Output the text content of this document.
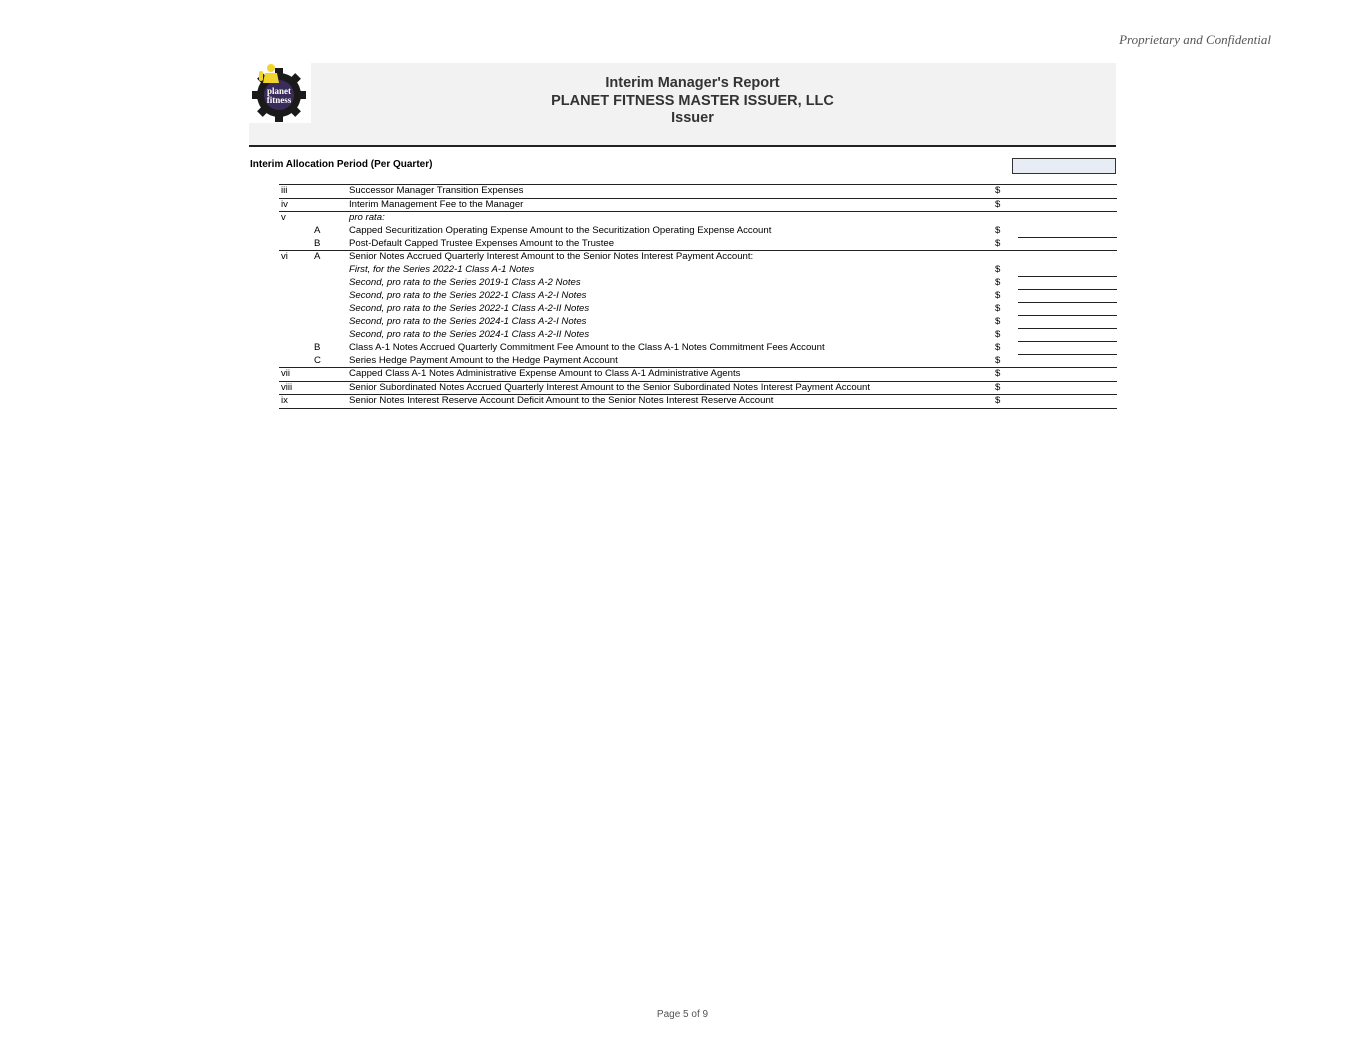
Proprietary and Confidential
planet
fitness
Interim Manager's Report
PLANET FITNESS MASTER ISSUER, LLC
Issuer
Interim Allocation Period (Per Quarter)
iii		Successor Manager Transition Expenses	$	
iv		Interim Management Fee to the Manager	$	
v		pro rata:		
	A	Capped Securitization Operating Expense Amount to the Securitization Operating Expense Account	$	

	B	Post-Default Capped Trustee Expenses Amount to the Trustee	$	
vi	A	Senior Notes Accrued Quarterly Interest Amount to the Senior Notes Interest Payment Account:		
		First, for the Series 2022-1 Class A-1 Notes	$	

		Second, pro rata to the Series 2019-1 Class A-2 Notes	$	

		Second, pro rata to the Series 2022-1 Class A-2-I Notes	$	

		Second, pro rata to the Series 2022-1 Class A-2-II Notes	$	

		Second, pro rata to the Series 2024-1 Class A-2-I Notes	$	

		Second, pro rata to the Series 2024-1 Class A-2-II Notes	$	

	B	Class A-1 Notes Accrued Quarterly Commitment Fee Amount to the Class A-1 Notes Commitment Fees Account	$	

	C	Series Hedge Payment Amount to the Hedge Payment Account	$	
vii		Capped Class A-1 Notes Administrative Expense Amount to Class A-1 Administrative Agents	$	
viii		Senior Subordinated Notes Accrued Quarterly Interest Amount to the Senior Subordinated Notes Interest Payment Account	$	
ix		Senior Notes Interest Reserve Account Deficit Amount to the Senior Notes Interest Reserve Account	$	
Page 5 of 9
